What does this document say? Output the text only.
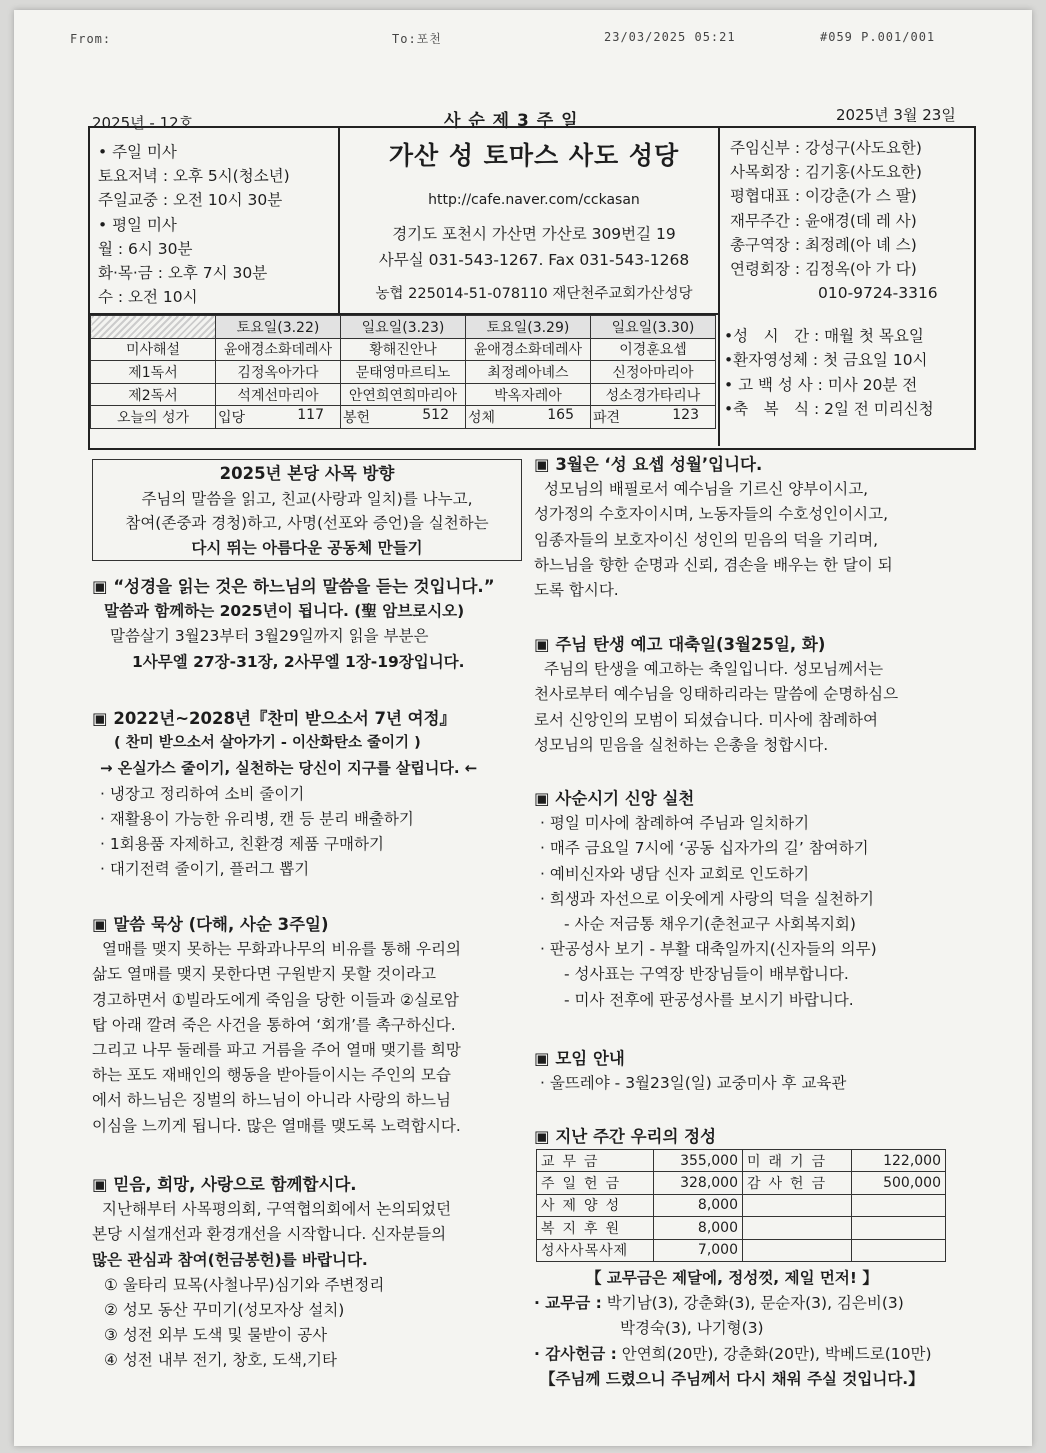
From:	To:포천	23/03/2025 05:21	#059 P.001/001
2025년 - 12호	사 순 제 3 주 일	2025년 3월 23일
• 주일 미사
토요저녁 : 오후 5시(청소년)
주일교중 : 오전 10시 30분
• 평일 미사
월 : 6시 30분
화·목·금 : 오후 7시 30분
수 : 오전 10시
가산 성 토마스 사도 성당
http://cafe.naver.com/cckasan
경기도 포천시 가산면 가산로 309번길 19
사무실 031-543-1267. Fax 031-543-1268
농협 225014-51-078110 재단천주교회가산성당
주임신부 : 강성구(사도요한)
사목회장 : 김기홍(사도요한)
평협대표 : 이강춘(가 스 팔)
재무주간 : 윤애경(데 레 사)
총구역장 : 최정례(아 녜 스)
연령회장 : 김정옥(아 가 다)
010-9724-3316
	토요일(3.22)	일요일(3.23)	토요일(3.29)	일요일(3.30)
미사해설	윤애경소화데레사	황해진안나	윤애경소화데레사	이경훈요셉
제1독서	김정옥아가다	문태영마르티노	최정례아녜스	신정아마리아
제2독서	석계선마리아	안연희연희마리아	박옥자레아	성소경가타리나
오늘의 성가	입당 117	봉헌 512	성체 165	파견 123
•성　시　간 : 매월 첫 목요일
•환자영성체 : 첫 금요일 10시
• 고 백 성 사 : 미사 20분 전
•축　복　식 : 2일 전 미리신청
2025년 본당 사목 방향
주님의 말씀을 읽고, 친교(사랑과 일치)를 나누고,
참여(존중과 경청)하고, 사명(선포와 증언)을 실천하는
다시 뛰는 아름다운 공동체 만들기
▣ “성경을 읽는 것은 하느님의 말씀을 듣는 것입니다.”

말씀과 함께하는 2025년이 됩니다. (聖 암브로시오)

말씀살기 3월23부터 3월29일까지 읽을 부분은

1사무엘 27장-31장, 2사무엘 1장-19장입니다.

▣ 2022년~2028년『찬미 받으소서 7년 여정』

( 찬미 받으소서 살아가기 - 이산화탄소 줄이기 )

→ 온실가스 줄이기, 실천하는 당신이 지구를 살립니다. ←

· 냉장고 정리하여 소비 줄이기

· 재활용이 가능한 유리병, 캔 등 분리 배출하기

· 1회용품 자제하고, 친환경 제품 구매하기

· 대기전력 줄이기, 플러그 뽑기

▣ 말씀 묵상 (다해, 사순 3주일)

열매를 맺지 못하는 무화과나무의 비유를 통해 우리의

삶도 열매를 맺지 못한다면 구원받지 못할 것이라고

경고하면서 ①빌라도에게 죽임을 당한 이들과 ②실로암

탑 아래 깔려 죽은 사건을 통하여 ‘회개’를 촉구하신다.

그리고 나무 둘레를 파고 거름을 주어 열매 맺기를 희망

하는 포도 재배인의 행동을 받아들이시는 주인의 모습

에서 하느님은 징벌의 하느님이 아니라 사랑의 하느님

이심을 느끼게 됩니다. 많은 열매를 맺도록 노력합시다.

▣ 믿음, 희망, 사랑으로 함께합시다.

지난해부터 사목평의회, 구역협의회에서 논의되었던

본당 시설개선과 환경개선을 시작합니다. 신자분들의

많은 관심과 참여(헌금봉헌)를 바랍니다.

① 울타리 묘목(사철나무)심기와 주변정리

② 성모 동산 꾸미기(성모자상 설치)

③ 성전 외부 도색 및 물받이 공사

④ 성전 내부 전기, 창호, 도색,기타

▣ 3월은 ‘성 요셉 성월’입니다.

성모님의 배필로서 예수님을 기르신 양부이시고,

성가정의 수호자이시며, 노동자들의 수호성인이시고,

임종자들의 보호자이신 성인의 믿음의 덕을 기리며,

하느님을 향한 순명과 신뢰, 겸손을 배우는 한 달이 되

도록 합시다.

▣ 주님 탄생 예고 대축일(3월25일, 화)

주님의 탄생을 예고하는 축일입니다. 성모님께서는

천사로부터 예수님을 잉태하리라는 말씀에 순명하심으

로서 신앙인의 모범이 되셨습니다. 미사에 참례하여

성모님의 믿음을 실천하는 은총을 청합시다.

▣ 사순시기 신앙 실천

· 평일 미사에 참례하여 주님과 일치하기

· 매주 금요일 7시에 ‘공동 십자가의 길’ 참여하기

· 예비신자와 냉담 신자 교회로 인도하기

· 희생과 자선으로 이웃에게 사랑의 덕을 실천하기

- 사순 저금통 채우기(춘천교구 사회복지회)

· 판공성사 보기 - 부활 대축일까지(신자들의 의무)

- 성사표는 구역장 반장님들이 배부합니다.

- 미사 전후에 판공성사를 보시기 바랍니다.

▣ 모임 안내

· 울뜨레야 - 3월23일(일) 교중미사 후 교육관

▣ 지난 주간 우리의 정성
교무금	355,000	미래기금	122,000
주일헌금	328,000	감사헌금	500,000
사제양성	8,000		
복지후원	8,000		
성사사목사제	7,000		

【 교무금은 제달에, 정성껏, 제일 먼저! 】

· 교무금 : 박기남(3), 강춘화(3), 문순자(3), 김은비(3)

박경숙(3), 나기형(3)

· 감사헌금 : 안연희(20만), 강춘화(20만), 박베드로(10만)

【주님께 드렸으니 주님께서 다시 채워 주실 것입니다.】
